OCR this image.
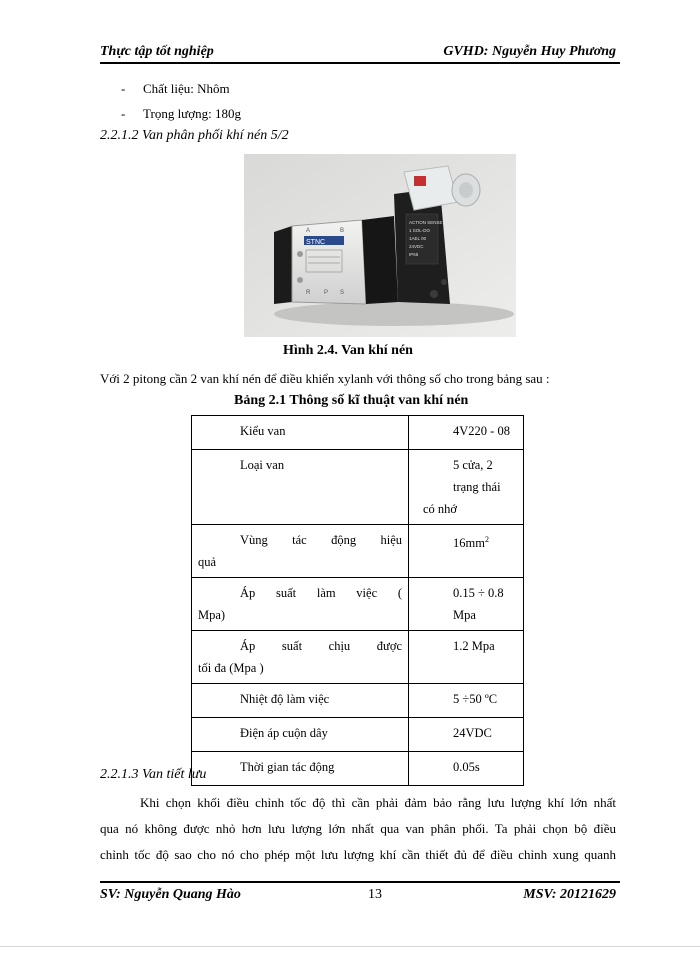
Thực tập tốt nghiệp	GVHD: Nguyễn Huy Phương
- Chất liệu: Nhôm
- Trọng lượng: 180g
2.2.1.2 Van phân phối khí nén 5/2
STNC
A	B
R P S
ACTION SENSE
1 SOL-DO
1AEL 00
24VDC
IP65
Hình 2.4. Van khí nén
Với 2 pitong cần 2 van khí nén để điều khiển xylanh với thông số cho trong bảng sau :
Bảng 2.1 Thông số kĩ thuật van khí nén
Kiểu van	4V220 - 08
Loại van	5 cửa, 2 trạng thái
có nhớ

Vùng tác động hiệu
quả	$16mm^2$

Áp suất làm việc (
Mpa)	0.15 ÷ 0.8 Mpa

Áp suất chịu được
tối đa (Mpa )	1.2 Mpa
Nhiệt độ làm việc	5 ÷50 ºC
Điện áp cuộn dây	24VDC
Thời gian tác động	0.05s
2.2.1.3 Van tiết lưu
Khi chọn khối điều chỉnh tốc độ thì cần phải đảm bảo rằng lưu lượng khí lớn nhất
qua nó không được nhỏ hơn lưu lượng lớn nhất qua van phân phối. Ta phải chọn bộ điều
chỉnh tốc độ sao cho nó cho phép một lưu lượng khí cần thiết đủ để điều chỉnh xung quanh
SV: Nguyễn Quang Hào	13	MSV: 20121629
